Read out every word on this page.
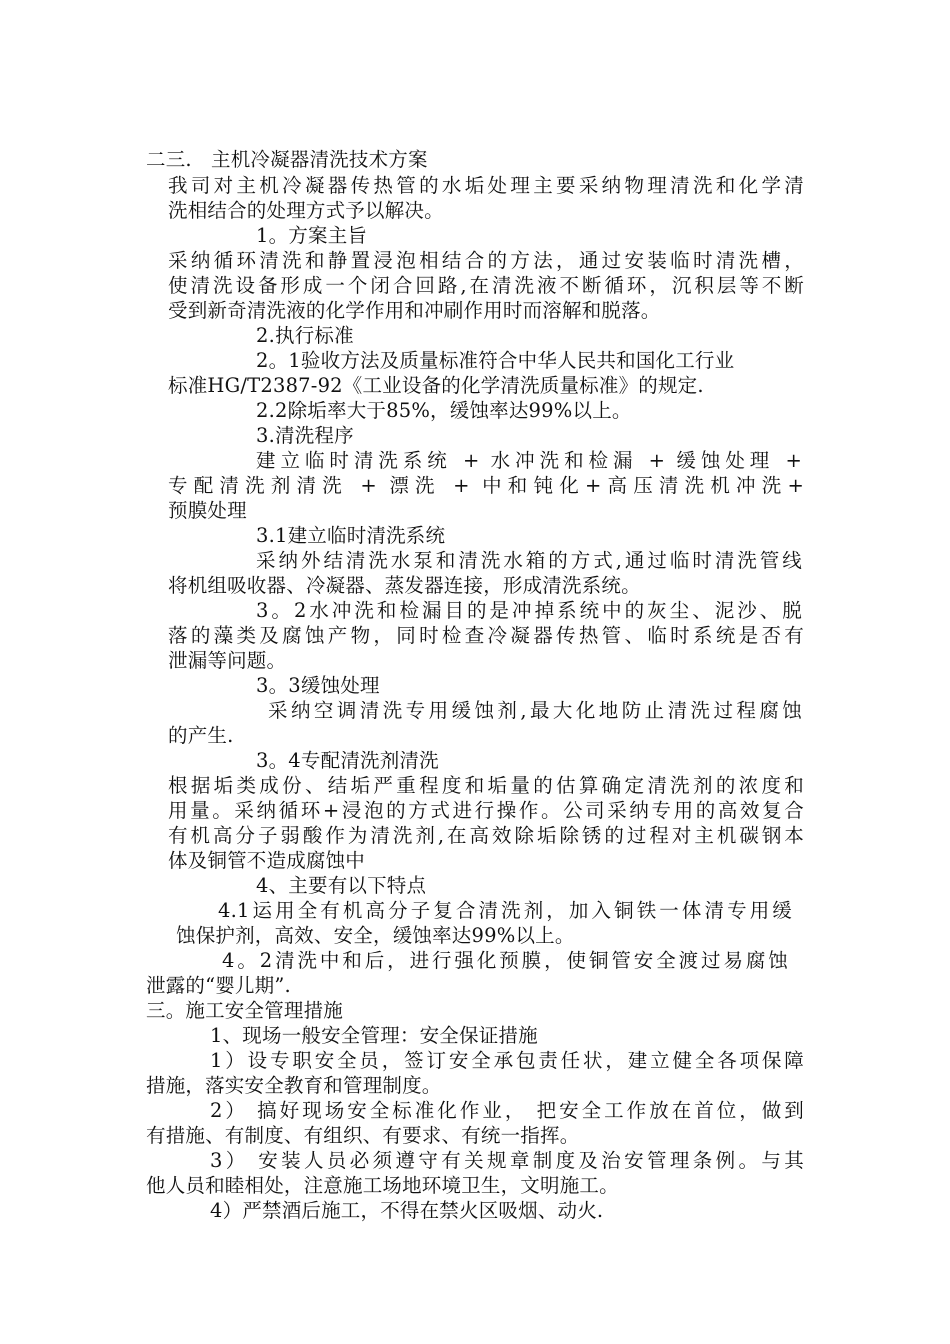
二三.   主机冷凝器清洗技术方案

我司对主机冷凝器传热管的水垢处理主要采纳物理清洗和化学清

洗相结合的处理方式予以解决。

1。方案主旨

采纳循环清洗和静置浸泡相结合的方法，通过安装临时清洗槽，

使清洗设备形成一个闭合回路,在清洗液不断循环，沉积层等不断

受到新奇清洗液的化学作用和冲刷作用时而溶解和脱落。

2.执行标准

2。1验收方法及质量标准符合中华人民共和国化工行业

标准HG/T2387-92《工业设备的化学清洗质量标准》的规定.

2.2除垢率大于85%，缓蚀率达99%以上。

3.清洗程序

建立临时清洗系统 + 水冲洗和检漏 + 缓蚀处理 +

专配清洗剂清洗 + 漂洗 + 中和钝化+高压清洗机冲洗+

预膜处理

3.1建立临时清洗系统

采纳外结清洗水泵和清洗水箱的方式,通过临时清洗管线

将机组吸收器、冷凝器、蒸发器连接，形成清洗系统。

3。2水冲洗和检漏目的是冲掉系统中的灰尘、泥沙、脱

落的藻类及腐蚀产物，同时检查冷凝器传热管、临时系统是否有

泄漏等问题。

3。3缓蚀处理

采纳空调清洗专用缓蚀剂,最大化地防止清洗过程腐蚀

的产生.

3。4专配清洗剂清洗

根据垢类成份、结垢严重程度和垢量的估算确定清洗剂的浓度和

用量。采纳循环+浸泡的方式进行操作。公司采纳专用的高效复合

有机高分子弱酸作为清洗剂,在高效除垢除锈的过程对主机碳钢本

体及铜管不造成腐蚀中

4、主要有以下特点

4.1运用全有机高分子复合清洗剂，加入铜铁一体清专用缓

蚀保护剂，高效、安全，缓蚀率达99%以上。

4。2清洗中和后，进行强化预膜，使铜管安全渡过易腐蚀

泄露的“婴儿期”.

三。施工安全管理措施

1、现场一般安全管理：安全保证措施

1）设专职安全员，签订安全承包责任状，建立健全各项保障

措施，落实安全教育和管理制度。

2） 搞好现场安全标准化作业， 把安全工作放在首位，做到

有措施、有制度、有组织、有要求、有统一指挥。

3） 安装人员必须遵守有关规章制度及治安管理条例。与其

他人员和睦相处，注意施工场地环境卫生，文明施工。

4）严禁酒后施工，不得在禁火区吸烟、动火.
